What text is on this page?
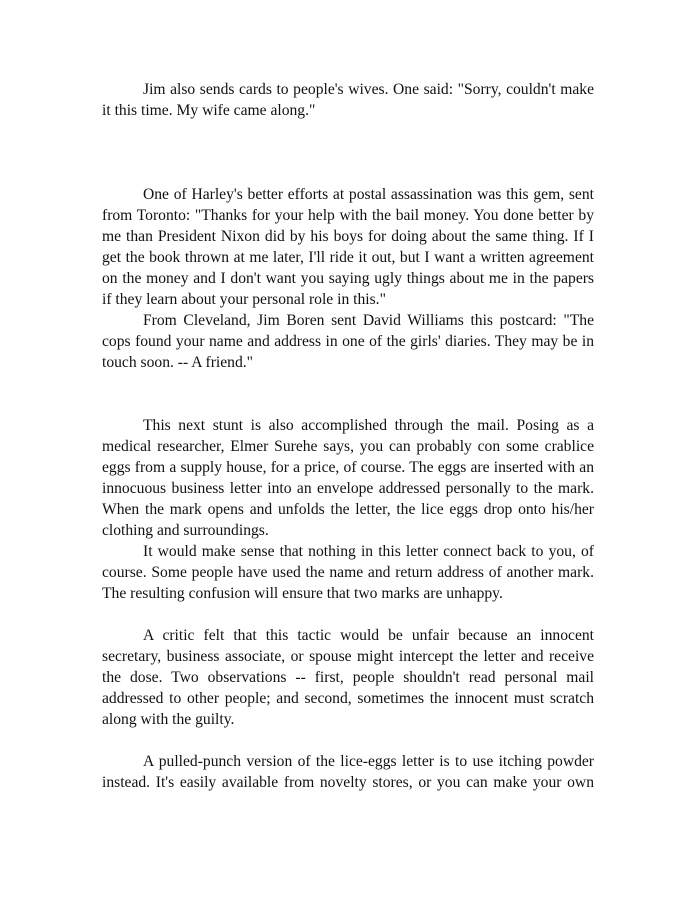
Jim also sends cards to people's wives. One said: "Sorry, couldn't make it this time. My wife came along."

One of Harley's better efforts at postal assassination was this gem, sent from Toronto: "Thanks for your help with the bail money. You done better by me than President Nixon did by his boys for doing about the same thing. If I get the book thrown at me later, I'll ride it out, but I want a written agreement on the money and I don't want you saying ugly things about me in the papers if they learn about your personal role in this."

From Cleveland, Jim Boren sent David Williams this postcard: "The cops found your name and address in one of the girls' diaries. They may be in touch soon. -- A friend."

This next stunt is also accomplished through the mail. Posing as a medical researcher, Elmer Surehe says, you can probably con some crablice eggs from a supply house, for a price, of course. The eggs are inserted with an innocuous business letter into an envelope addressed personally to the mark. When the mark opens and unfolds the letter, the lice eggs drop onto his/her clothing and surroundings.

It would make sense that nothing in this letter connect back to you, of course. Some people have used the name and return address of another mark. The resulting confusion will ensure that two marks are unhappy.

A critic felt that this tactic would be unfair because an innocent secretary, business associate, or spouse might intercept the letter and receive the dose. Two observations -- first, people shouldn't read personal mail addressed to other people; and second, sometimes the innocent must scratch along with the guilty.

A pulled-punch version of the lice-eggs letter is to use itching powder instead. It's easily available from novelty stores, or you can make your own
